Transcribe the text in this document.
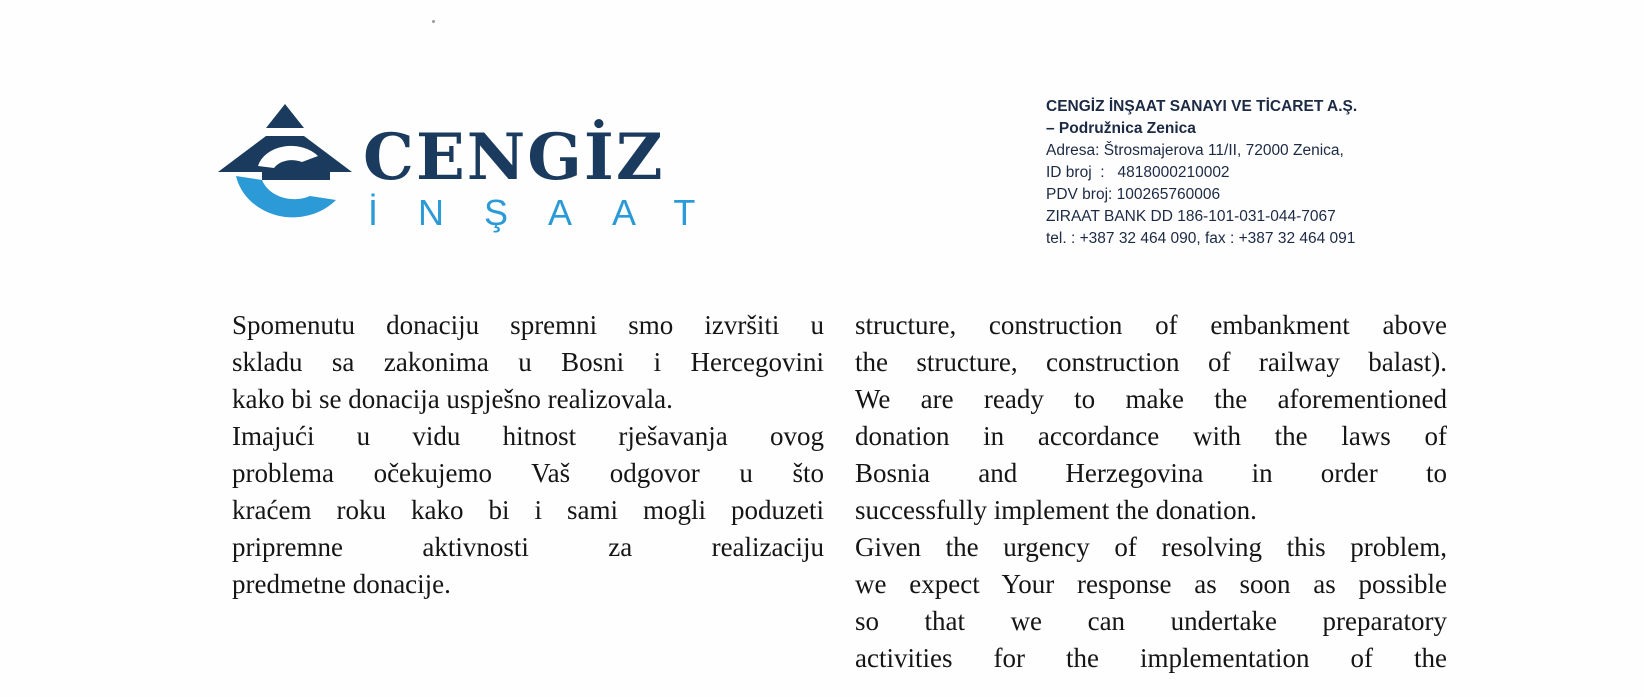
CENGİZ
İNŞAAT
CENGİZ İNŞAAT SANAYI VE TİCARET A.Ş.
– Podružnica Zenica
Adresa: Štrosmajerova 11/II, 72000 Zenica,
ID broj  :   4818000210002
PDV broj: 100265760006
ZIRAAT BANK DD 186-101-031-044-7067
tel. : +387 32 464 090, fax : +387 32 464 091
Spomenutu donaciju spremni smo izvršiti u
skladu sa zakonima u Bosni i Hercegovini
kako bi se donacija uspješno realizovala.
Imajući u vidu hitnost rješavanja ovog
problema očekujemo Vaš odgovor u što
kraćem roku kako bi i sami mogli poduzeti
pripremne aktivnosti za realizaciju
predmetne donacije.
structure, construction of embankment above
the structure, construction of railway balast).
We are ready to make the aforementioned
donation in accordance with the laws of
Bosnia and Herzegovina in order to
successfully implement the donation.
Given the urgency of resolving this problem,
we expect Your response as soon as possible
so that we can undertake preparatory
activities for the implementation of the
